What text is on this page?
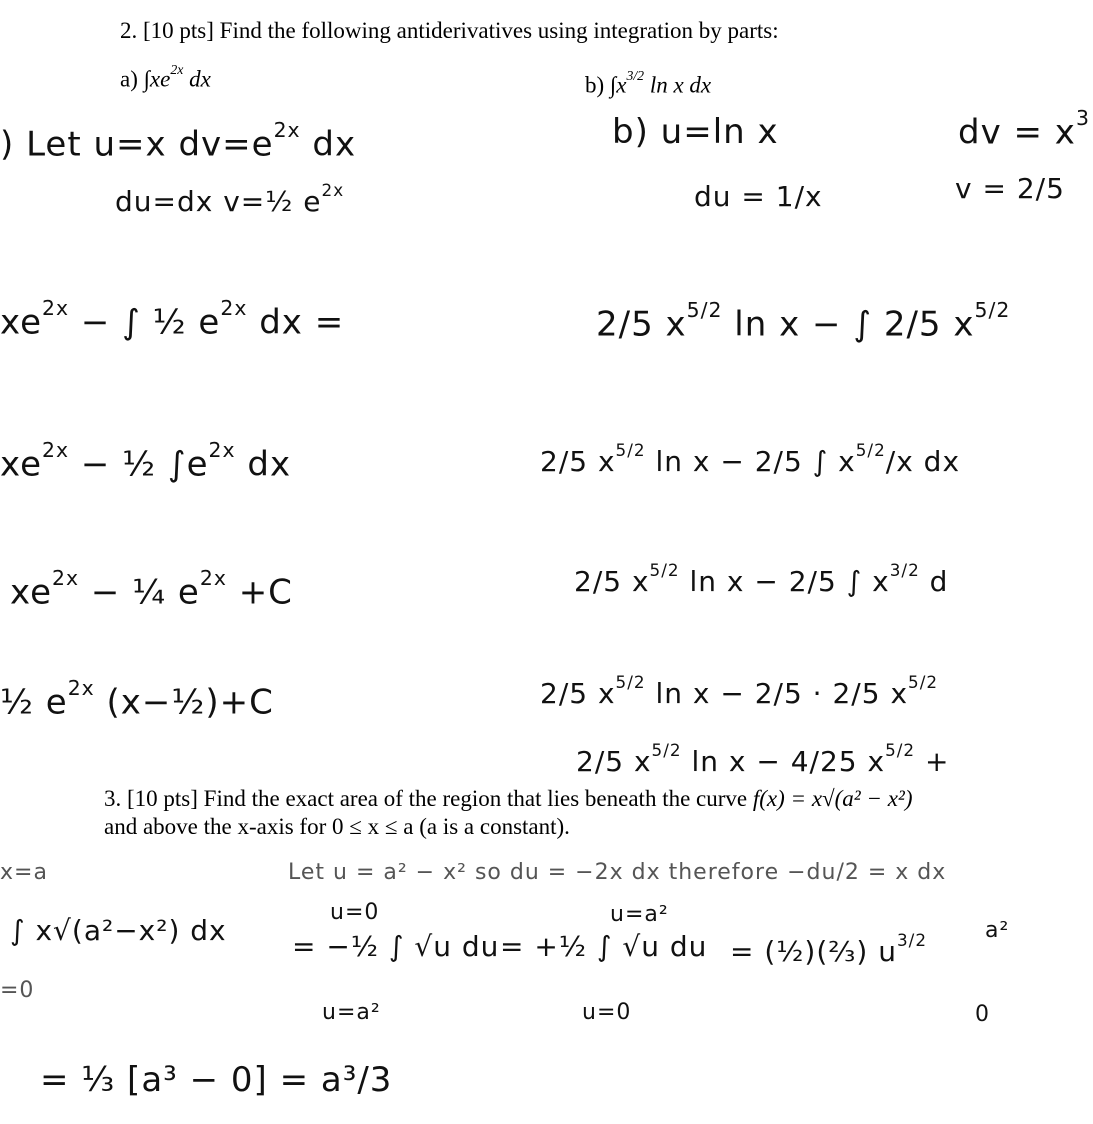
2. [10 pts] Find the following antiderivatives using integration by parts:
a) $\int xe^{2x}$ dx	b) $\int x^{3/2}$ ln x dx
) Let u=x $dv=e^{2x}$ dx
du=dx v=½ $e^{2x}$
$xe^{2x}$ − ∫ ½ $e^{2x}$ dx =
$xe^{2x}$ − ½ $\int e^{2x}$ dx
$xe^{2x}$ − ¼ $e^{2x} +C$
½ $e^{2x}$ (x−½)+C
b) u=ln x	dv = $x^3$
du = 1/x	v = 2/5
2/5 $x^{5/2}$ ln x − ∫ 2/5 $x^{5/2}$
2/5 $x^{5/2}$ ln x − 2/5 ∫ $x^{5/2}/x$ dx
2/5 $x^{5/2}$ ln x − 2/5 ∫ $x^{3/2}$ d
2/5 $x^{5/2}$ ln x − 2/5 · 2/5 $x^{5/2}$
2/5 $x^{5/2}$ ln x − 4/25 $x^{5/2}$ +
3. [10 pts] Find the exact area of the region that lies beneath the curve f(x) = x√(a² − x²)
and above the x-axis for 0 ≤ x ≤ a (a is a constant).
x=a	Let u = a² − x² so du = −2x dx therefore −du/2 = x dx
∫ x√(a²−x²) dx
=0
u=0
= −½ ∫ √u du
u=a²
u=a²
= +½ ∫ √u du
u=0
= (½)(⅔) $u^{3/2}$	a²
0
= ⅓ [a³ − 0] = a³/3
